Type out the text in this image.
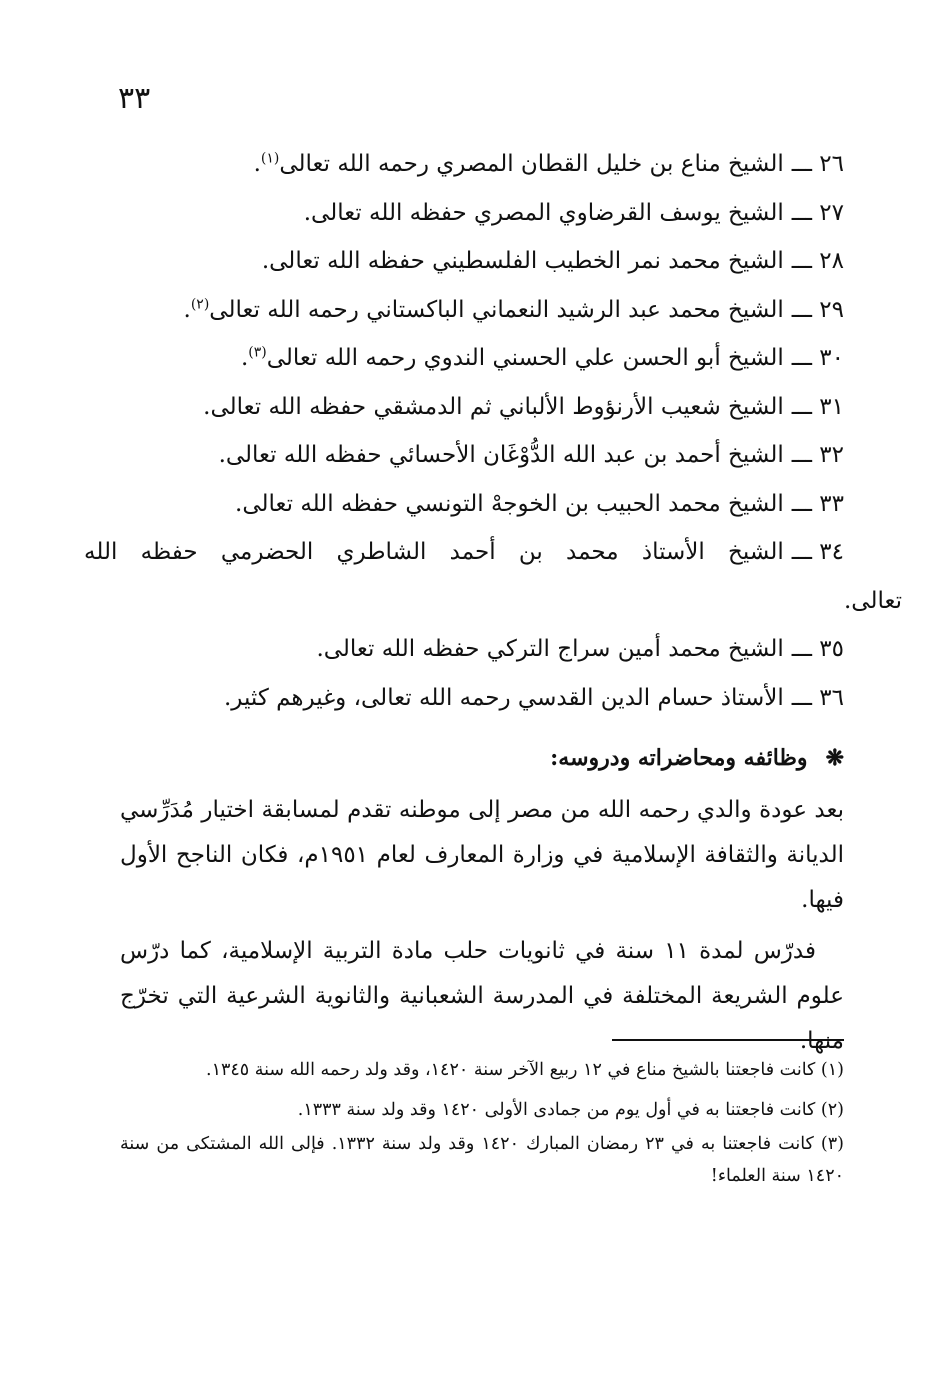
٣٣
٢٦ ـــالشيخ مناع بن خليل القطان المصري رحمه الله تعالى$^{(١)}$.
٢٧ ـــالشيخ يوسف القرضاوي المصري حفظه الله تعالى.
٢٨ ـــالشيخ محمد نمر الخطيب الفلسطيني حفظه الله تعالى.
٢٩ ـــالشيخ محمد عبد الرشيد النعماني الباكستاني رحمه الله تعالى$^{(٢)}$.
٣٠ ـــالشيخ أبو الحسن علي الحسني الندوي رحمه الله تعالى$^{(٣)}$.
٣١ ـــالشيخ شعيب الأرنؤوط الألباني ثم الدمشقي حفظه الله تعالى.
٣٢ ـــالشيخ أحمد بن عبد الله الدُّوْغَان الأحسائي حفظه الله تعالى.
٣٣ ـــالشيخ محمد الحبيب بن الخوجهْ التونسي حفظه الله تعالى.
٣٤ ـــالشيخ الأستاذ محمد بن أحمد الشاطري الحضرمي حفظه الله
تعالى.
٣٥ ـــالشيخ محمد أمين سراج التركي حفظه الله تعالى.
٣٦ ـــالأستاذ حسام الدين القدسي رحمه الله تعالى، وغيرهم كثير.
❋وظائفه ومحاضراته ودروسه:

بعد عودة والدي رحمه الله من مصر إلى موطنه تقدم لمسابقة اختيار مُدَرِّسي الديانة والثقافة الإسلامية في وزارة المعارف لعام ١٩٥١م، فكان الناجح الأول فيها.

فدرّس لمدة ١١ سنة في ثانويات حلب مادة التربية الإسلامية، كما درّس علوم الشريعة المختلفة في المدرسة الشعبانية والثانوية الشرعية التي تخرّج منها.

(١) كانت فاجعتنا بالشيخ مناع في ١٢ ربيع الآخر سنة ١٤٢٠، وقد ولد رحمه الله سنة ١٣٤٥.

(٢) كانت فاجعتنا به في أول يوم من جمادى الأولى ١٤٢٠ وقد ولد سنة ١٣٣٣.

(٣) كانت فاجعتنا به في ٢٣ رمضان المبارك ١٤٢٠ وقد ولد سنة ١٣٣٢. فإلى الله المشتكى من سنة ١٤٢٠ سنة العلماء!
